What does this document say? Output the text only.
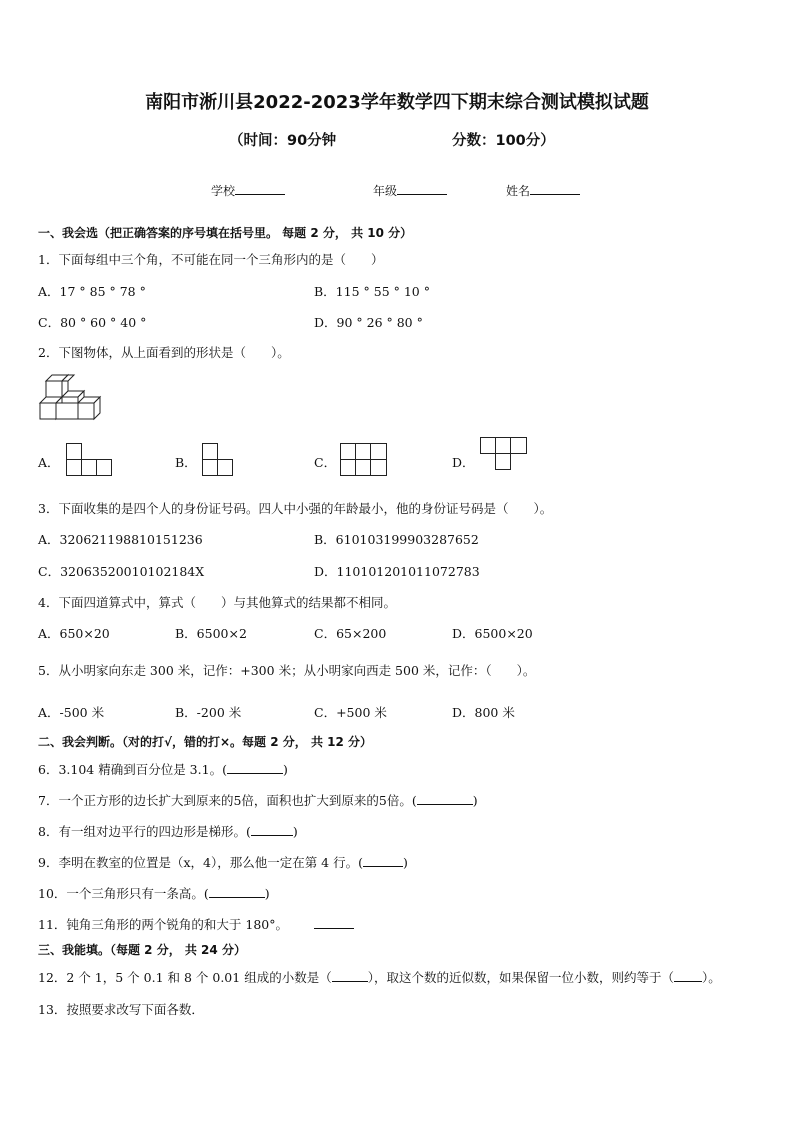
南阳市淅川县2022-2023学年数学四下期末综合测试模拟试题
（时间：90分钟	分数：100分）
学校	年级	姓名
一、我会选（把正确答案的序号填在括号里。 每题 2 分， 共 10 分）
1．下面每组中三个角，不可能在同一个三角形内的是（　　）
A．17 ° 85 ° 78 °	B．115 ° 55 ° 10 °
C．80 ° 60 ° 40 °	D．90 ° 26 ° 80 °
2．下图物体，从上面看到的形状是（　　）。
A．	B．	C．	D．
3．下面收集的是四个人的身份证号码。四人中小强的年龄最小，他的身份证号码是（　　）。
A．320621198810151236	B．610103199903287652
C．32063520010102184X	D．110101201011072783
4．下面四道算式中，算式（　　）与其他算式的结果都不相同。
A．650×20	B．6500×2	C．65×200	D．6500×20
5．从小明家向东走 300 米，记作：+300 米；从小明家向西走 500 米，记作：（　　）。
A．-500 米	B．-200 米	C．+500 米	D．800 米
二、我会判断。（对的打√，错的打×。每题 2 分， 共 12 分）
6．3.104 精确到百分位是 3.1。(	)
7．一个正方形的边长扩大到原来的5倍，面积也扩大到原来的5倍。(	)
8．有一组对边平行的四边形是梯形。(	)
9．李明在教室的位置是（x，4），那么他一定在第 4 行。(	)
10．一个三角形只有一条高。(	)
11．钝角三角形的两个锐角的和大于 180°。
三、我能填。（每题 2 分， 共 24 分）
12．2 个 1，5 个 0.1 和 8 个 0.01 组成的小数是（	），取这个数的近似数，如果保留一位小数，则约等于（ ）。
13．按照要求改写下面各数．
